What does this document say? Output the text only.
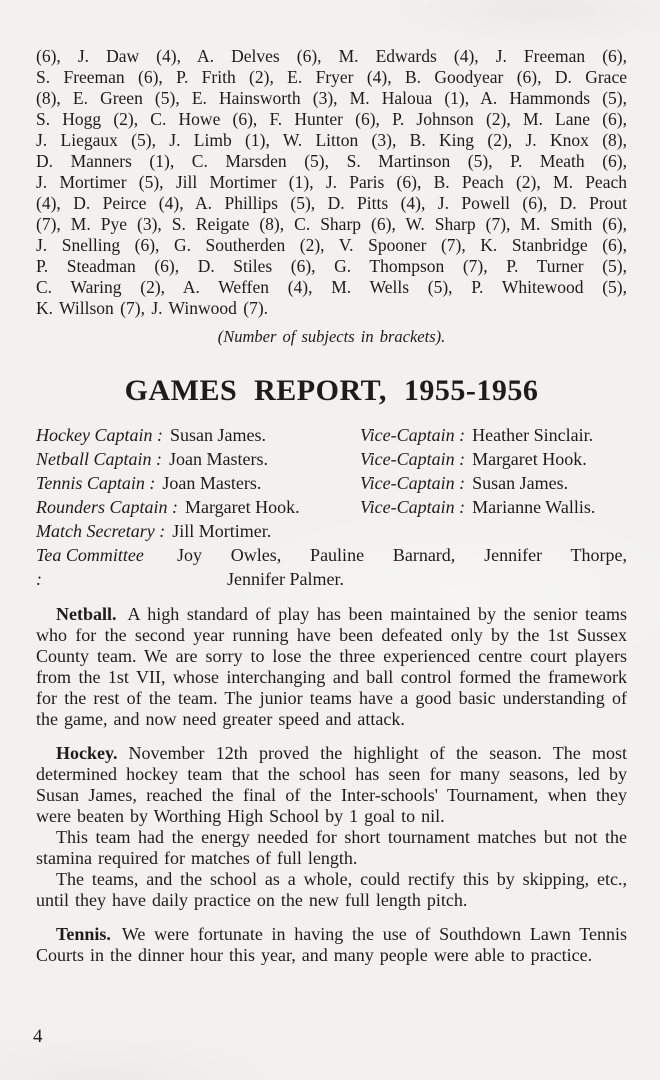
(6), J. Daw (4), A. Delves (6), M. Edwards (4), J. Freeman (6),
S. Freeman (6), P. Frith (2), E. Fryer (4), B. Goodyear (6), D. Grace
(8), E. Green (5), E. Hainsworth (3), M. Haloua (1), A. Hammonds (5),
S. Hogg (2), C. Howe (6), F. Hunter (6), P. Johnson (2), M. Lane (6),
J. Liegaux (5), J. Limb (1), W. Litton (3), B. King (2), J. Knox (8),
D. Manners (1), C. Marsden (5), S. Martinson (5), P. Meath (6),
J. Mortimer (5), Jill Mortimer (1), J. Paris (6), B. Peach (2), M. Peach
(4), D. Peirce (4), A. Phillips (5), D. Pitts (4), J. Powell (6), D. Prout
(7), M. Pye (3), S. Reigate (8), C. Sharp (6), W. Sharp (7), M. Smith (6),
J. Snelling (6), G. Southerden (2), V. Spooner (7), K. Stanbridge (6),
P. Steadman (6), D. Stiles (6), G. Thompson (7), P. Turner (5),
C. Waring (2), A. Weffen (4), M. Wells (5), P. Whitewood (5),
K. Willson (7), J. Winwood (7).
(Number of subjects in brackets).
GAMES REPORT, 1955-1956
Hockey Captain : Susan James.	Vice-Captain : Heather Sinclair.
Netball Captain : Joan Masters.	Vice-Captain : Margaret Hook.
Tennis Captain : Joan Masters.	Vice-Captain : Susan James.
Rounders Captain : Margaret Hook.	Vice-Captain : Marianne Wallis.
Match Secretary : Jill Mortimer.
Tea Committee :
Joy Owles, Pauline Barnard, Jennifer Thorpe,
Jennifer Palmer.

Netball. A high standard of play has been maintained by the senior teams who for the second year running have been defeated only by the 1st Sussex County team. We are sorry to lose the three experienced centre court players from the 1st VII, whose interchanging and ball control formed the framework for the rest of the team. The junior teams have a good basic understanding of the game, and now need greater speed and attack.

Hockey. November 12th proved the highlight of the season. The most determined hockey team that the school has seen for many seasons, led by Susan James, reached the final of the Inter-schools' Tournament, when they were beaten by Worthing High School by 1 goal to nil.

This team had the energy needed for short tournament matches but not the stamina required for matches of full length.

The teams, and the school as a whole, could rectify this by skipping, etc., until they have daily practice on the new full length pitch.

Tennis. We were fortunate in having the use of Southdown Lawn Tennis Courts in the dinner hour this year, and many people were able to practice.

4
